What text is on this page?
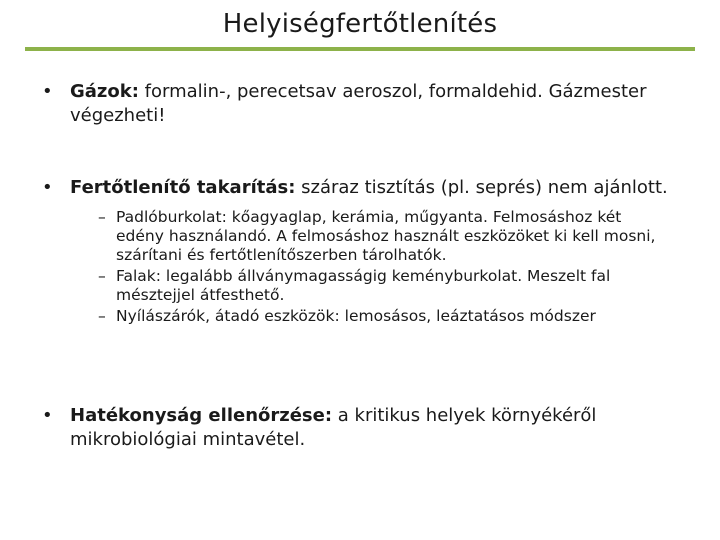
Helyiségfertőtlenítés
• Gázok: formalin-, perecetsav aeroszol, formaldehid. Gázmester végezheti!
• Fertőtlenítő takarítás: száraz tisztítás (pl. seprés) nem ajánlott.
– Padlóburkolat: kőagyaglap, kerámia, műgyanta. Felmosáshoz két edény használandó. A felmosáshoz használt eszközöket ki kell mosni, szárítani és fertőtlenítőszerben tárolhatók.
– Falak: legalább állványmagasságig keményburkolat. Meszelt fal mésztejjel átfesthető.
– Nyílászárók, átadó eszközök: lemosásos, leáztatásos módszer
• Hatékonyság ellenőrzése: a kritikus helyek környékéről mikrobiológiai mintavétel.
